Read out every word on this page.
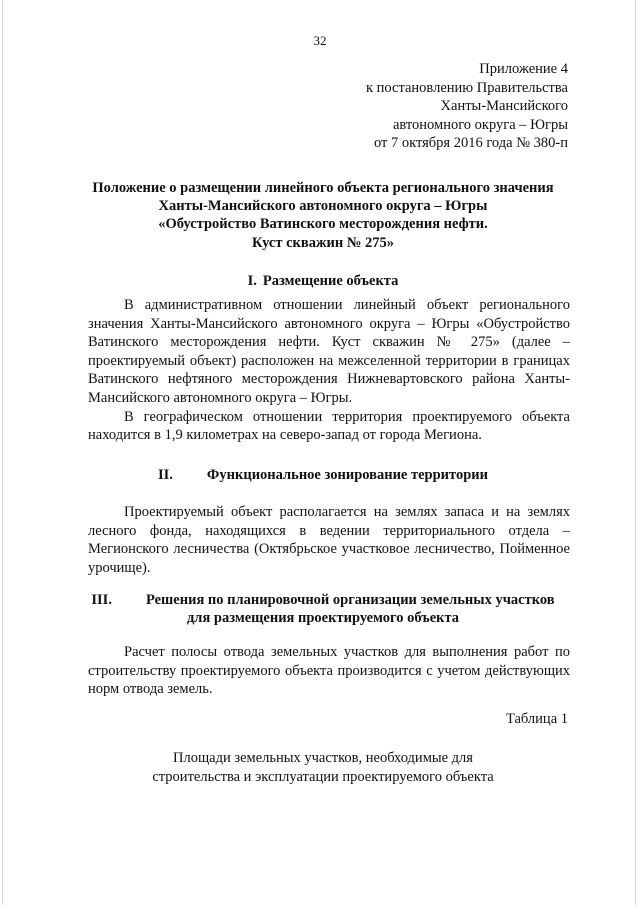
32
Приложение 4
к постановлению Правительства
Ханты-Мансийского
автономного округа – Югры
от 7 октября 2016 года № 380-п
Положение о размещении линейного объекта регионального значения
Ханты-Мансийского автономного округа – Югры
«Обустройство Ватинского месторождения нефти.
Куст скважин № 275»
I. Размещение объекта

В административном отношении линейный объект регионального значения Ханты-Мансийского автономного округа – Югры «Обустройство Ватинского месторождения нефти. Куст скважин № 275» (далее – проектируемый объект) расположен на межселенной территории в границах Ватинского нефтяного месторождения Нижневартовского района Ханты-Мансийского автономного округа – Югры.

В географическом отношении территория проектируемого объекта находится в 1,9 километрах на северо-запад от города Мегиона.

II. Функциональное зонирование территории

Проектируемый объект располагается на землях запаса и на землях лесного фонда, находящихся в ведении территориального отдела – Мегионского лесничества (Октябрьское участковое лесничество, Пойменное урочище).

III. Решения по планировочной организации земельных участков
для размещения проектируемого объекта

Расчет полосы отвода земельных участков для выполнения работ по строительству проектируемого объекта производится с учетом действующих норм отвода земель.

Таблица 1
Площади земельных участков, необходимые для
строительства и эксплуатации проектируемого объекта
